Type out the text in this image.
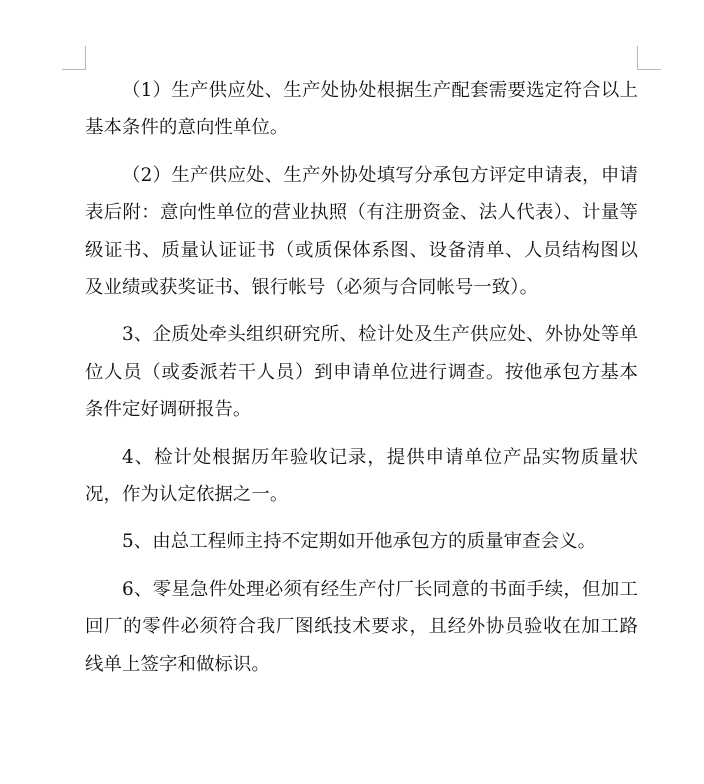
（1）生产供应处、生产处协处根据生产配套需要选定符合以上基本条件的意向性单位。

（2）生产供应处、生产外协处填写分承包方评定申请表，申请表后附：意向性单位的营业执照（有注册资金、法人代表）、计量等级证书、质量认证证书（或质保体系图、设备清单、人员结构图以及业绩或获奖证书、银行帐号（必须与合同帐号一致）。

3、企质处牵头组织研究所、检计处及生产供应处、外协处等单位人员（或委派若干人员）到申请单位进行调查。按他承包方基本条件定好调研报告。

4、检计处根据历年验收记录，提供申请单位产品实物质量状况，作为认定依据之一。

5、由总工程师主持不定期如开他承包方的质量审查会义。

6、零星急件处理必须有经生产付厂长同意的书面手续，但加工回厂的零件必须符合我厂图纸技术要求，且经外协员验收在加工路线单上签字和做标识。
